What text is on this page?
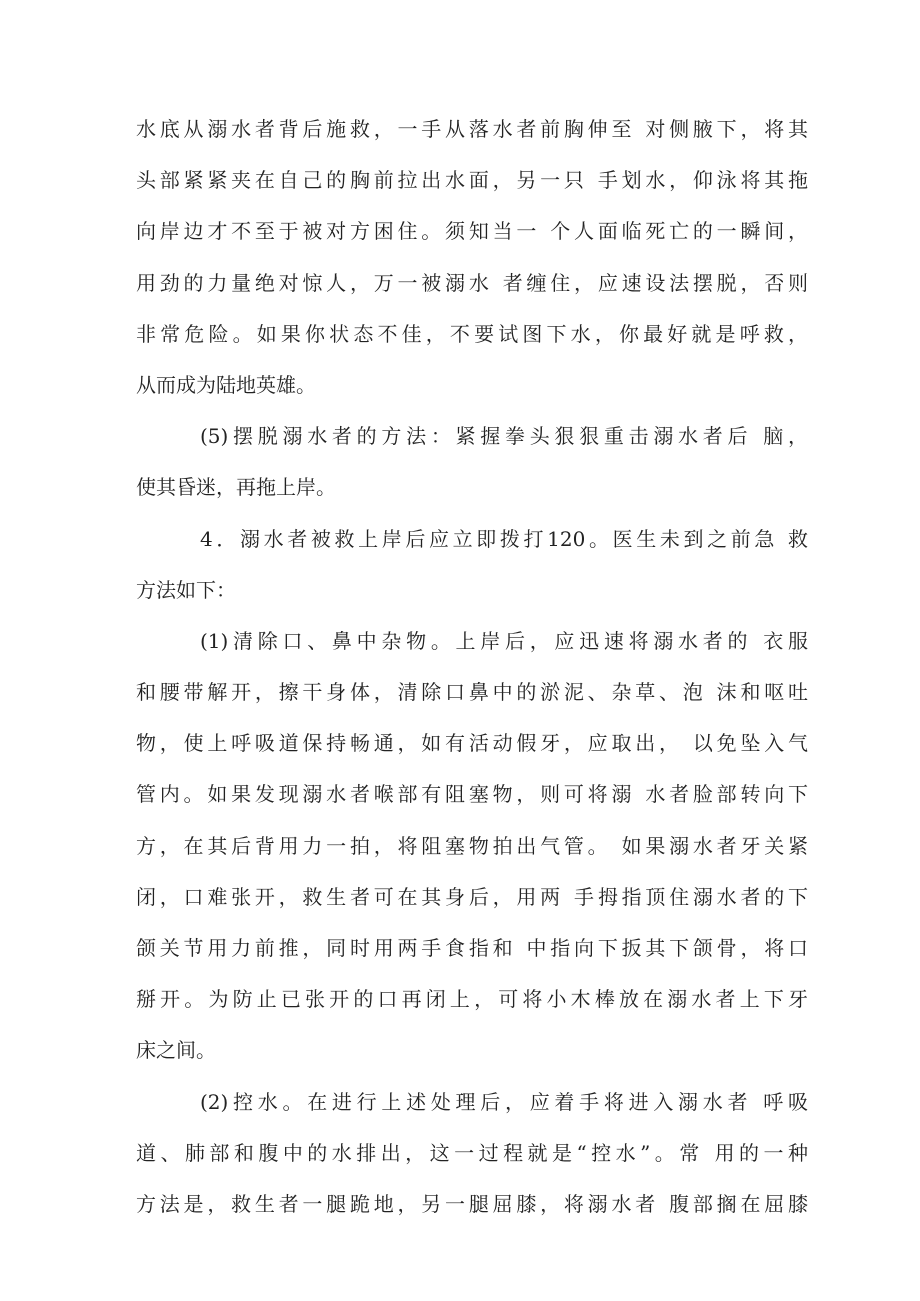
水底从溺水者背后施救，一手从落水者前胸伸至 对侧腋下，将其
头部紧紧夹在自己的胸前拉出水面，另一只 手划水，仰泳将其拖
向岸边才不至于被对方困住。须知当一 个人面临死亡的一瞬间，
用劲的力量绝对惊人，万一被溺水 者缠住，应速设法摆脱，否则
非常危险。如果你状态不佳，不要试图下水，你最好就是呼救，
从而成为陆地英雄。
(5)摆脱溺水者的方法：紧握拳头狠狠重击溺水者后 脑，
使其昏迷，再拖上岸。
4．溺水者被救上岸后应立即拨打120。医生未到之前急 救
方法如下：
(1)清除口、鼻中杂物。上岸后，应迅速将溺水者的 衣服
和腰带解开，擦干身体，清除口鼻中的淤泥、杂草、泡 沫和呕吐
物，使上呼吸道保持畅通，如有活动假牙，应取出， 以免坠入气
管内。如果发现溺水者喉部有阻塞物，则可将溺 水者脸部转向下
方，在其后背用力一拍，将阻塞物拍出气管。 如果溺水者牙关紧
闭，口难张开，救生者可在其身后，用两 手拇指顶住溺水者的下
颌关节用力前推，同时用两手食指和 中指向下扳其下颌骨，将口
掰开。为防止已张开的口再闭上，可将小木棒放在溺水者上下牙
床之间。
(2)控水。在进行上述处理后，应着手将进入溺水者 呼吸
道、肺部和腹中的水排出，这一过程就是“控水”。常 用的一种
方法是，救生者一腿跪地，另一腿屈膝，将溺水者 腹部搁在屈膝
